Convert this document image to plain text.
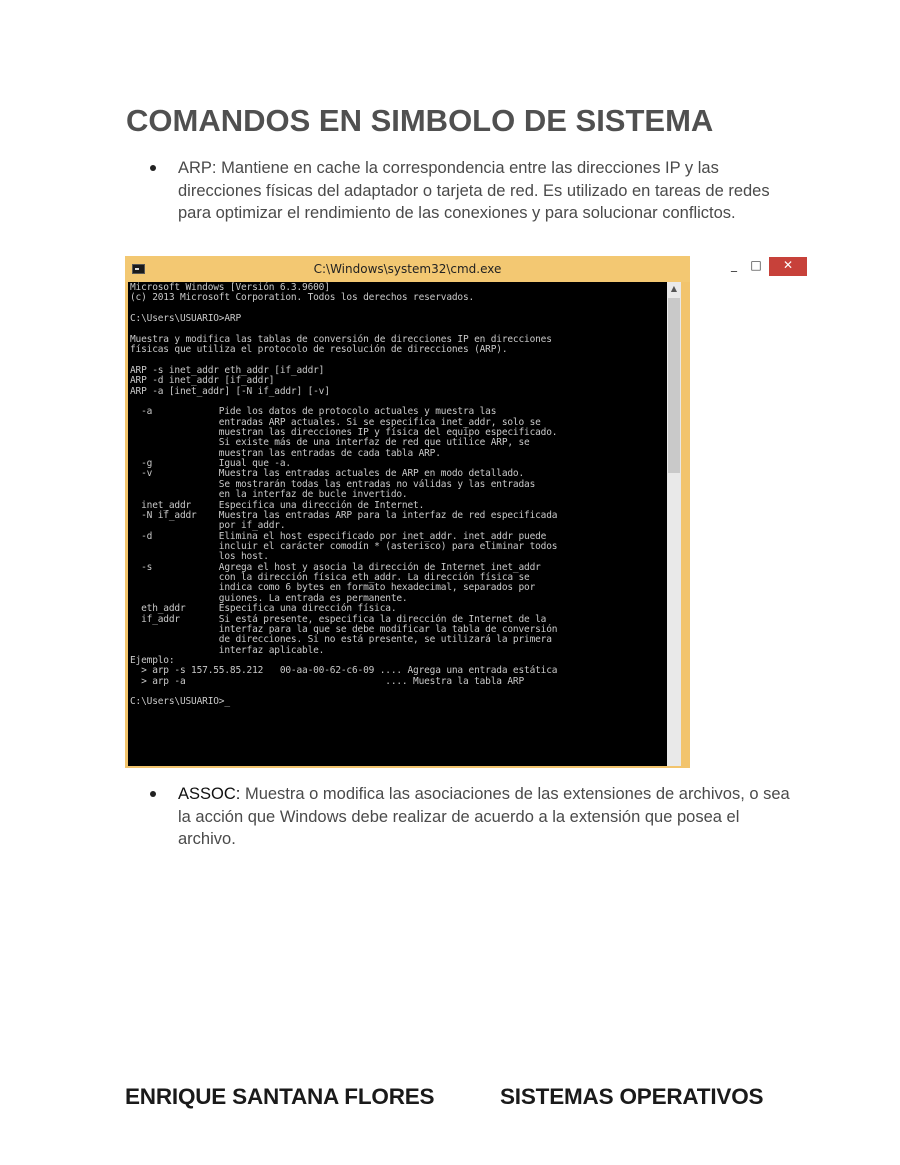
COMANDOS EN SIMBOLO DE SISTEMA
ARP: Mantiene en cache la correspondencia entre las direcciones IP y las direcciones físicas del adaptador o tarjeta de red. Es utilizado en tareas de redes para optimizar el rendimiento de las conexiones y para solucionar conflictos.
C:\Windows\system32\cmd.exe	_	□	✕
Microsoft Windows [Versión 6.3.9600]
(c) 2013 Microsoft Corporation. Todos los derechos reservados.

C:\Users\USUARIO>ARP

Muestra y modifica las tablas de conversión de direcciones IP en direcciones
físicas que utiliza el protocolo de resolución de direcciones (ARP).

ARP -s inet_addr eth_addr [if_addr]
ARP -d inet_addr [if_addr]
ARP -a [inet_addr] [-N if_addr] [-v]

-a            Pide los datos de protocolo actuales y muestra las
entradas ARP actuales. Si se especifica inet_addr, solo se
muestran las direcciones IP y física del equipo especificado.
Si existe más de una interfaz de red que utilice ARP, se
muestran las entradas de cada tabla ARP.
-g            Igual que -a.
-v            Muestra las entradas actuales de ARP en modo detallado.
Se mostrarán todas las entradas no válidas y las entradas
en la interfaz de bucle invertido.
inet_addr     Especifica una dirección de Internet.
-N if_addr    Muestra las entradas ARP para la interfaz de red especificada
por if_addr.
-d            Elimina el host especificado por inet_addr. inet_addr puede
incluir el carácter comodín * (asterisco) para eliminar todos
los host.
-s            Agrega el host y asocia la dirección de Internet inet_addr
con la dirección física eth_addr. La dirección física se
indica como 6 bytes en formato hexadecimal, separados por
guiones. La entrada es permanente.
eth_addr      Especifica una dirección física.
if_addr       Si está presente, especifica la dirección de Internet de la
interfaz para la que se debe modificar la tabla de conversión
de direcciones. Si no está presente, se utilizará la primera
interfaz aplicable.
Ejemplo:
> arp -s 157.55.85.212   00-aa-00-62-c6-09 .... Agrega una entrada estática
> arp -a                                    .... Muestra la tabla ARP

C:\Users\USUARIO>_
▲
ASSOC: Muestra o modifica las asociaciones de las extensiones de archivos, o sea la acción que Windows debe realizar de acuerdo a la extensión que posea el archivo.
ENRIQUE SANTANA FLORES	SISTEMAS OPERATIVOS
